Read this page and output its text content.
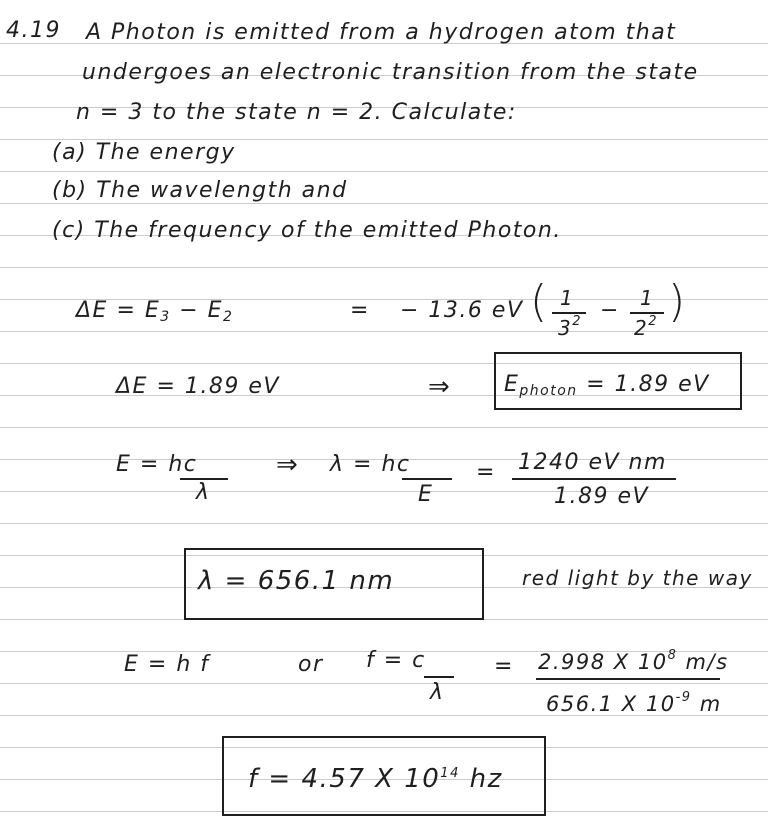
4.19 A Photon is emitted from a hydrogen atom that
undergoes an electronic transition from the state
n = 3 to the state n = 2. Calculate:
(a) The energy
(b) The wavelength and
(c) The frequency of the emitted Photon.
$\Delta E = E_3 - E_2$	= − 13.6 eV ( 1
$3^2 - 1$
$2^2$ )
ΔE = 1.89 eV	⇒ $E_{photon} = 1.89$ eV
E = hc
λ
⇒ λ = hc
E
= 1240 eV nm
1.89 eV
λ = 656.1 nm	red light by the way
E = h f	or f = c
λ
= 2.998 X $10^8$ m/s
656.1 X $10^{-9}$ m
f = 4.57 X $10^{14}$ hz
